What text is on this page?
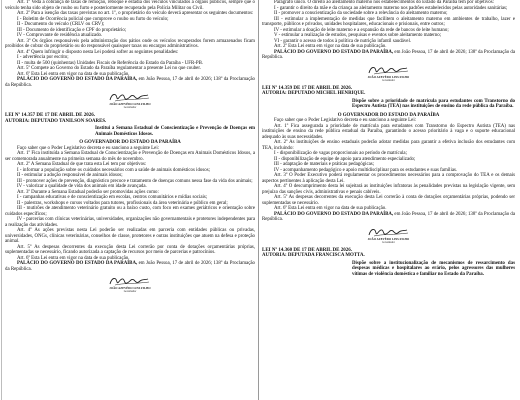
Art. 1º Veda a cobrança de taxas de remoção, reboque e estadia dos veículos vinculados a órgãos públicos, sempre que o veículo tenha sido objeto de roubo ou furto e posteriormente recuperado pela Polícia Militar ou Civil.

Art. 2º Para a isenção das taxas previstas no art. 1º, o proprietário do veículo deverá apresentar os seguintes documentos:

I - Boletim de Ocorrência policial que comprove o roubo ou furto do veículo;

II - Documento do veículo (CRLV ou CRV);

III - Documento de identificação e CPF do proprietário;

IV - Comprovante de residência atualizado.

Art. 3º Os órgãos responsáveis pela administração dos pátios onde os veículos recuperados forem armazenados ficam proibidos de cobrar do proprietário ou do responsável quaisquer taxas ou encargos administrativos.

Art. 4º Quem infringir o disposto nesta Lei poderá sofrer as seguintes penalidades:

I - advertência por escrito;

II - multa de 500 (quinhentas) Unidades Fiscais de Referência do Estado da Paraíba - UFR-PB.

Art. 5º Compete ao Governo do Estado da Paraíba regulamentar a presente Lei no que couber.

Art. 6º Esta Lei entra em vigor na data de sua publicação.

PALÁCIO DO GOVERNO DO ESTADO DA PARAÍBA, em João Pessoa, 17 de abril de 2026; 138º da Proclamação da República.

JOÃO AZEVÊDO LINS FILHO
Governador

LEI Nº 14.357 DE 17 DE ABRIL DE 2026.

AUTORIA: DEPUTADO TANILSON SOARES.

Institui a Semana Estadual de Conscientização e Prevenção de Doenças em Animais Domésticos Idosos.

O GOVERNADOR DO ESTADO DA PARAÍBA

Faço saber que o Poder Legislativo decreta e eu sanciono a seguinte Lei:

Art. 1º Fica instituída a Semana Estadual de Conscientização e Prevenção de Doenças em Animais Domésticos Idosos, a ser comemorada anualmente na primeira semana do mês de novembro.

Art. 2º A Semana Estadual de que trata esta Lei tem por objetivos:

I - informar a população sobre os cuidados necessários com a saúde de animais domésticos idosos;

II - estimular a adoção responsável de animais idosos;

III - promover ações de prevenção, diagnóstico precoce e tratamento de doenças comuns nessa fase da vida dos animais;

IV - valorizar a qualidade de vida dos animais em idade avançada.

Art. 3º Durante a Semana Estadual poderão ser promovidas ações como:

I - campanhas educativas e de conscientização em escolas, centros comunitários e mídias sociais;

II - palestras, workshops e cursos voltados para tutores, profissionais da área veterinária e público em geral;

III - mutirões de atendimento veterinário gratuito ou a baixo custo, com foco em exames geriátricos e orientação sobre cuidados específicos;

IV - parcerias com clínicas veterinárias, universidades, organizações não governamentais e protetores independentes para a realização das atividades.

Art. 4º As ações previstas nesta Lei poderão ser realizadas em parceria com entidades públicas ou privadas, universidades, ONGs, clínicas veterinárias, conselhos de classe, protetores e outras instituições que atuem na defesa e proteção animal.

Art. 5º As despesas decorrentes da execução desta Lei correrão por conta de dotações orçamentárias próprias, suplementadas se necessário, ficando autorizada a captação de recursos por meio de parcerias e patrocínios.

Art. 6º Esta Lei entra em vigor na data de sua publicação.

PALÁCIO DO GOVERNO DO ESTADO DA PARAÍBA, em João Pessoa, 17 de abril de 2026; 138º da Proclamação da República.

JOÃO AZEVÊDO LINS FILHO
Governador

Parágrafo único. O direito ao aleitamento materno nos estabelecimentos do Estado da Paraíba tem por objetivos:

I - garantir o direito da mãe e da criança ao aleitamento materno nos padrões estabelecidos pelas autoridades sanitárias;

II - promover a conscientização da sociedade sobre a relevância do aleitamento materno;

III - estimular a implementação de medidas que facilitem o aleitamento materno em ambientes de trabalho, lazer e transporte, públicos e privados, unidades hospitalares, educacionais e prisionais, entre outros;

IV - estimular a doação de leite materno e a expansão da rede de bancos de leite humano;

V - estimular a realização de estudos, pesquisas e eventos sobre aleitamento materno;

VI - garantir o acesso de todos à política de nutrição infantil saudável.

Art. 2º Esta Lei entra em vigor na data de sua publicação.

PALÁCIO DO GOVERNO DO ESTADO DA PARAÍBA, em João Pessoa, 17 de abril de 2026; 138º da Proclamação da República.

JOÃO AZEVÊDO LINS FILHO
Governador

LEI Nº 14.359 DE 17 DE ABRIL DE 2026.

AUTORIA: DEPUTADO MICHEL HENRIQUE.

Dispõe sobre a prioridade de matrícula para estudantes com Transtorno do Espectro Autista (TEA) nas instituições de ensino da rede pública da Paraíba.

O GOVERNADOR DO ESTADO DA PARAÍBA

Faço saber que o Poder Legislativo decreta e eu sanciono a seguinte Lei:

Art. 1º Fica assegurada a prioridade de matrícula para estudantes com Transtorno do Espectro Autista (TEA) nas instituições de ensino da rede pública estadual da Paraíba, garantindo o acesso prioritário à vaga e o suporte educacional adequado às suas necessidades.

Art. 2º As instituições de ensino estaduais poderão adotar medidas para garantir a efetiva inclusão dos estudantes com TEA, incluindo:

I - disponibilização de vagas proporcionais ao período de matrícula;

II - disponibilização de equipe de apoio para atendimento especializado;

III - adaptação de materiais e práticas pedagógicas;

IV - acompanhamento pedagógico e apoio multidisciplinar para os estudantes e suas famílias.

Art. 3º O Poder Executivo poderá regulamentar os procedimentos necessários para a comprovação do TEA e os demais aspectos pertinentes à aplicação desta Lei.

Art. 4º O descumprimento desta lei sujeitará as instituições infratoras às penalidades previstas na legislação vigente, sem prejuízo das sanções civis, administrativas e penais cabíveis.

Art. 5º As despesas decorrentes da execução desta Lei correrão à conta de dotações orçamentárias próprias, podendo ser suplementadas se necessário.

Art. 6º Esta Lei entra em vigor na data de sua publicação.

PALÁCIO DO GOVERNO DO ESTADO DA PARAÍBA, em João Pessoa, 17 de abril de 2026; 138º da Proclamação da República.

JOÃO AZEVÊDO LINS FILHO
Governador

LEI Nº 14.360 DE 17 DE ABRIL DE 2026.

AUTORIA: DEPUTADA FRANCISCA MOTTA.

Dispõe sobre a institucionalização de mecanismos de ressarcimento das despesas médicas e hospitalares ao erário, pelos agressores das mulheres vítimas de violência doméstica e familiar no Estado da Paraíba.
